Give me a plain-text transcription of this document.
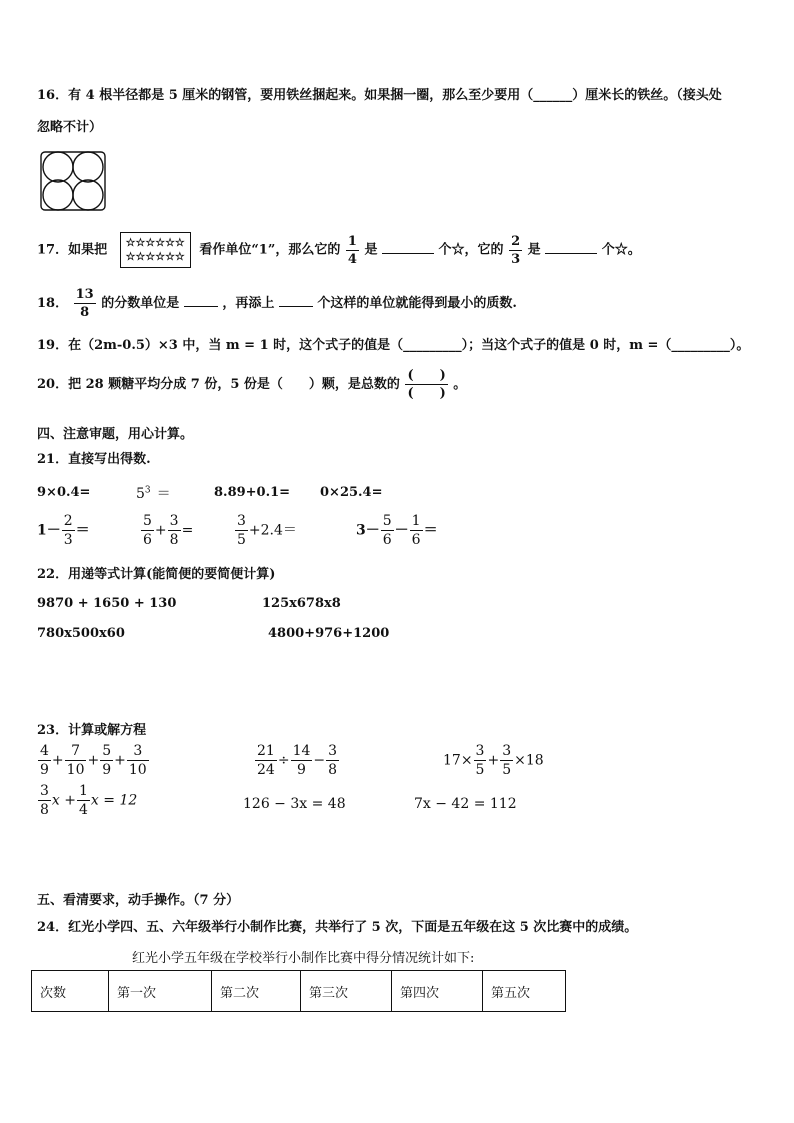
16．有 4 根半径都是 5 厘米的钢管，要用铁丝捆起来。如果捆一圈，那么至少要用（______）厘米长的铁丝。（接头处
忽略不计）
17．如果把 ☆☆☆☆☆☆
☆☆☆☆☆☆ 看作单位“1”，那么它的 $\frac{1}{4}$ 是	个☆，它的 $\frac{2}{3}$ 是	个☆。
18． $\frac{13}{8}$ 的分数单位是	，再添上	个这样的单位就能得到最小的质数.
19．在（2m-0.5）×3 中，当 m = 1 时，这个式子的值是（_________）；当这个式子的值是 0 时，m =（_________）。
20．把 28 颗糖平均分成 7 份，5 份是（　　）颗，是总数的 $\frac{( )}{( )}$ 。
四、注意审题，用心计算。
21．直接写出得数.
9×0.4=	$5^3$ ＝	8.89+0.1= 0×25.4=
$1- \frac{2}{3}$ ＝	$\frac{5}{6} + \frac{3}{8}$ =	$\frac{3}{5} +2.4=$	$3- \frac{5}{6} - \frac{1}{6}$ ＝
22．用递等式计算(能简便的要简便计算)
9870 + 1650 + 130	125x678x8
780x500x60	4800+976+1200
23．计算或解方程
$\frac{4}{9} + \frac{7}{10} + \frac{5}{9} + \frac{3}{10}$	$\frac{21}{24} \div \frac{14}{9} - \frac{3}{8}$	$17\times \frac{3}{5} + \frac{3}{5} \times 18$
$\frac{3}{8}$ $x + \frac{1}{4}$ x = 12	126 − 3x = 48	7x − 42 = 112
五、看清要求，动手操作。（7 分）
24．红光小学四、五、六年级举行小制作比赛，共举行了 5 次，下面是五年级在这 5 次比赛中的成绩。
红光小学五年级在学校举行小制作比赛中得分情况统计如下:
次数	第一次	第二次	第三次	第四次	第五次
